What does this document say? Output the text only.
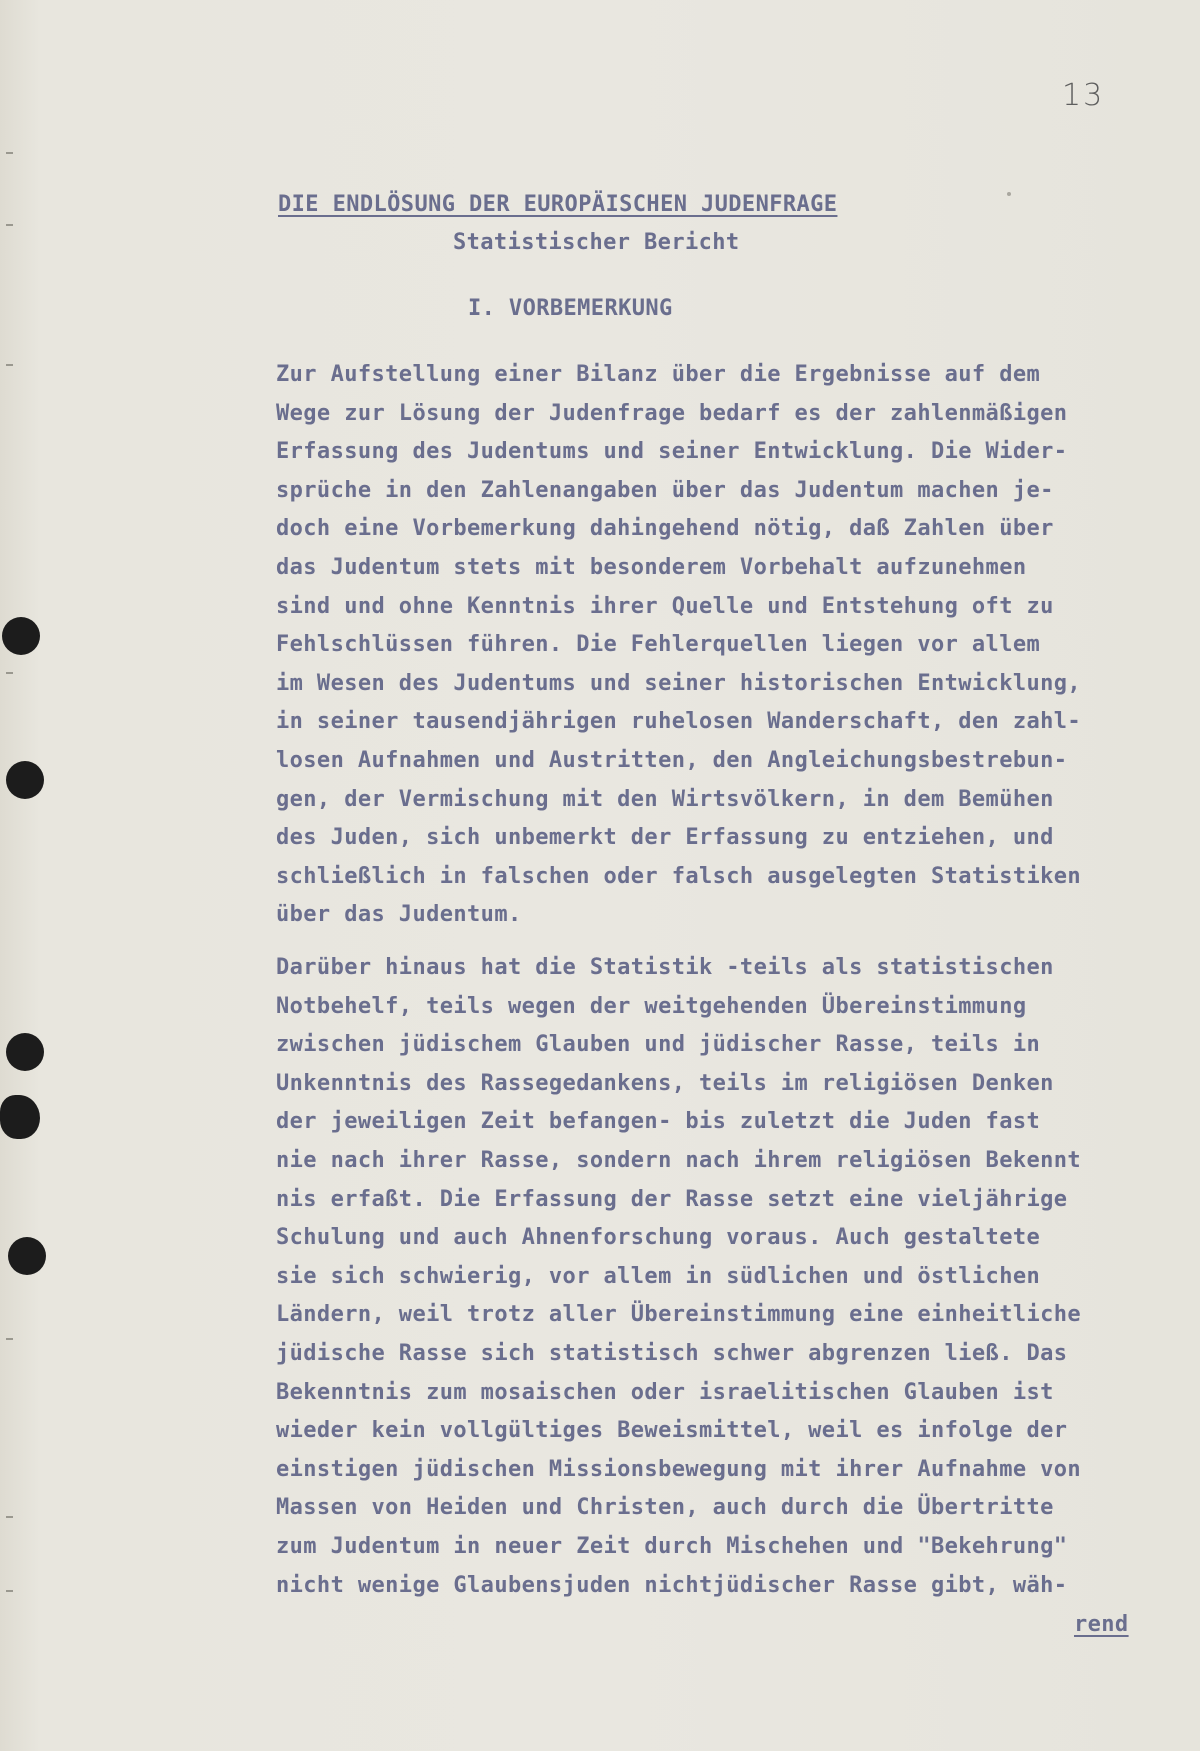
13
DIE ENDLÖSUNG DER EUROPÄISCHEN JUDENFRAGE
Statistischer Bericht
I. VORBEMERKUNG
Zur Aufstellung einer Bilanz über die Ergebnisse auf dem
Wege zur Lösung der Judenfrage bedarf es der zahlenmäßigen
Erfassung des Judentums und seiner Entwicklung. Die Wider-
sprüche in den Zahlenangaben über das Judentum machen je-
doch eine Vorbemerkung dahingehend nötig, daß Zahlen über
das Judentum stets mit besonderem Vorbehalt aufzunehmen
sind und ohne Kenntnis ihrer Quelle und Entstehung oft zu
Fehlschlüssen führen. Die Fehlerquellen liegen vor allem
im Wesen des Judentums und seiner historischen Entwicklung,
in seiner tausendjährigen ruhelosen Wanderschaft, den zahl-
losen Aufnahmen und Austritten, den Angleichungsbestrebun-
gen, der Vermischung mit den Wirtsvölkern, in dem Bemühen
des Juden, sich unbemerkt der Erfassung zu entziehen, und
schließlich in falschen oder falsch ausgelegten Statistiken
über das Judentum.
Darüber hinaus hat die Statistik -teils als statistischen
Notbehelf, teils wegen der weitgehenden Übereinstimmung
zwischen jüdischem Glauben und jüdischer Rasse, teils in
Unkenntnis des Rassegedankens, teils im religiösen Denken
der jeweiligen Zeit befangen- bis zuletzt die Juden fast
nie nach ihrer Rasse, sondern nach ihrem religiösen Bekennt
nis erfaßt. Die Erfassung der Rasse setzt eine vieljährige
Schulung und auch Ahnenforschung voraus. Auch gestaltete
sie sich schwierig, vor allem in südlichen und östlichen
Ländern, weil trotz aller Übereinstimmung eine einheitliche
jüdische Rasse sich statistisch schwer abgrenzen ließ. Das
Bekenntnis zum mosaischen oder israelitischen Glauben ist
wieder kein vollgültiges Beweismittel, weil es infolge der
einstigen jüdischen Missionsbewegung mit ihrer Aufnahme von
Massen von Heiden und Christen, auch durch die Übertritte
zum Judentum in neuer Zeit durch Mischehen und "Bekehrung"
nicht wenige Glaubensjuden nichtjüdischer Rasse gibt, wäh-
rend
